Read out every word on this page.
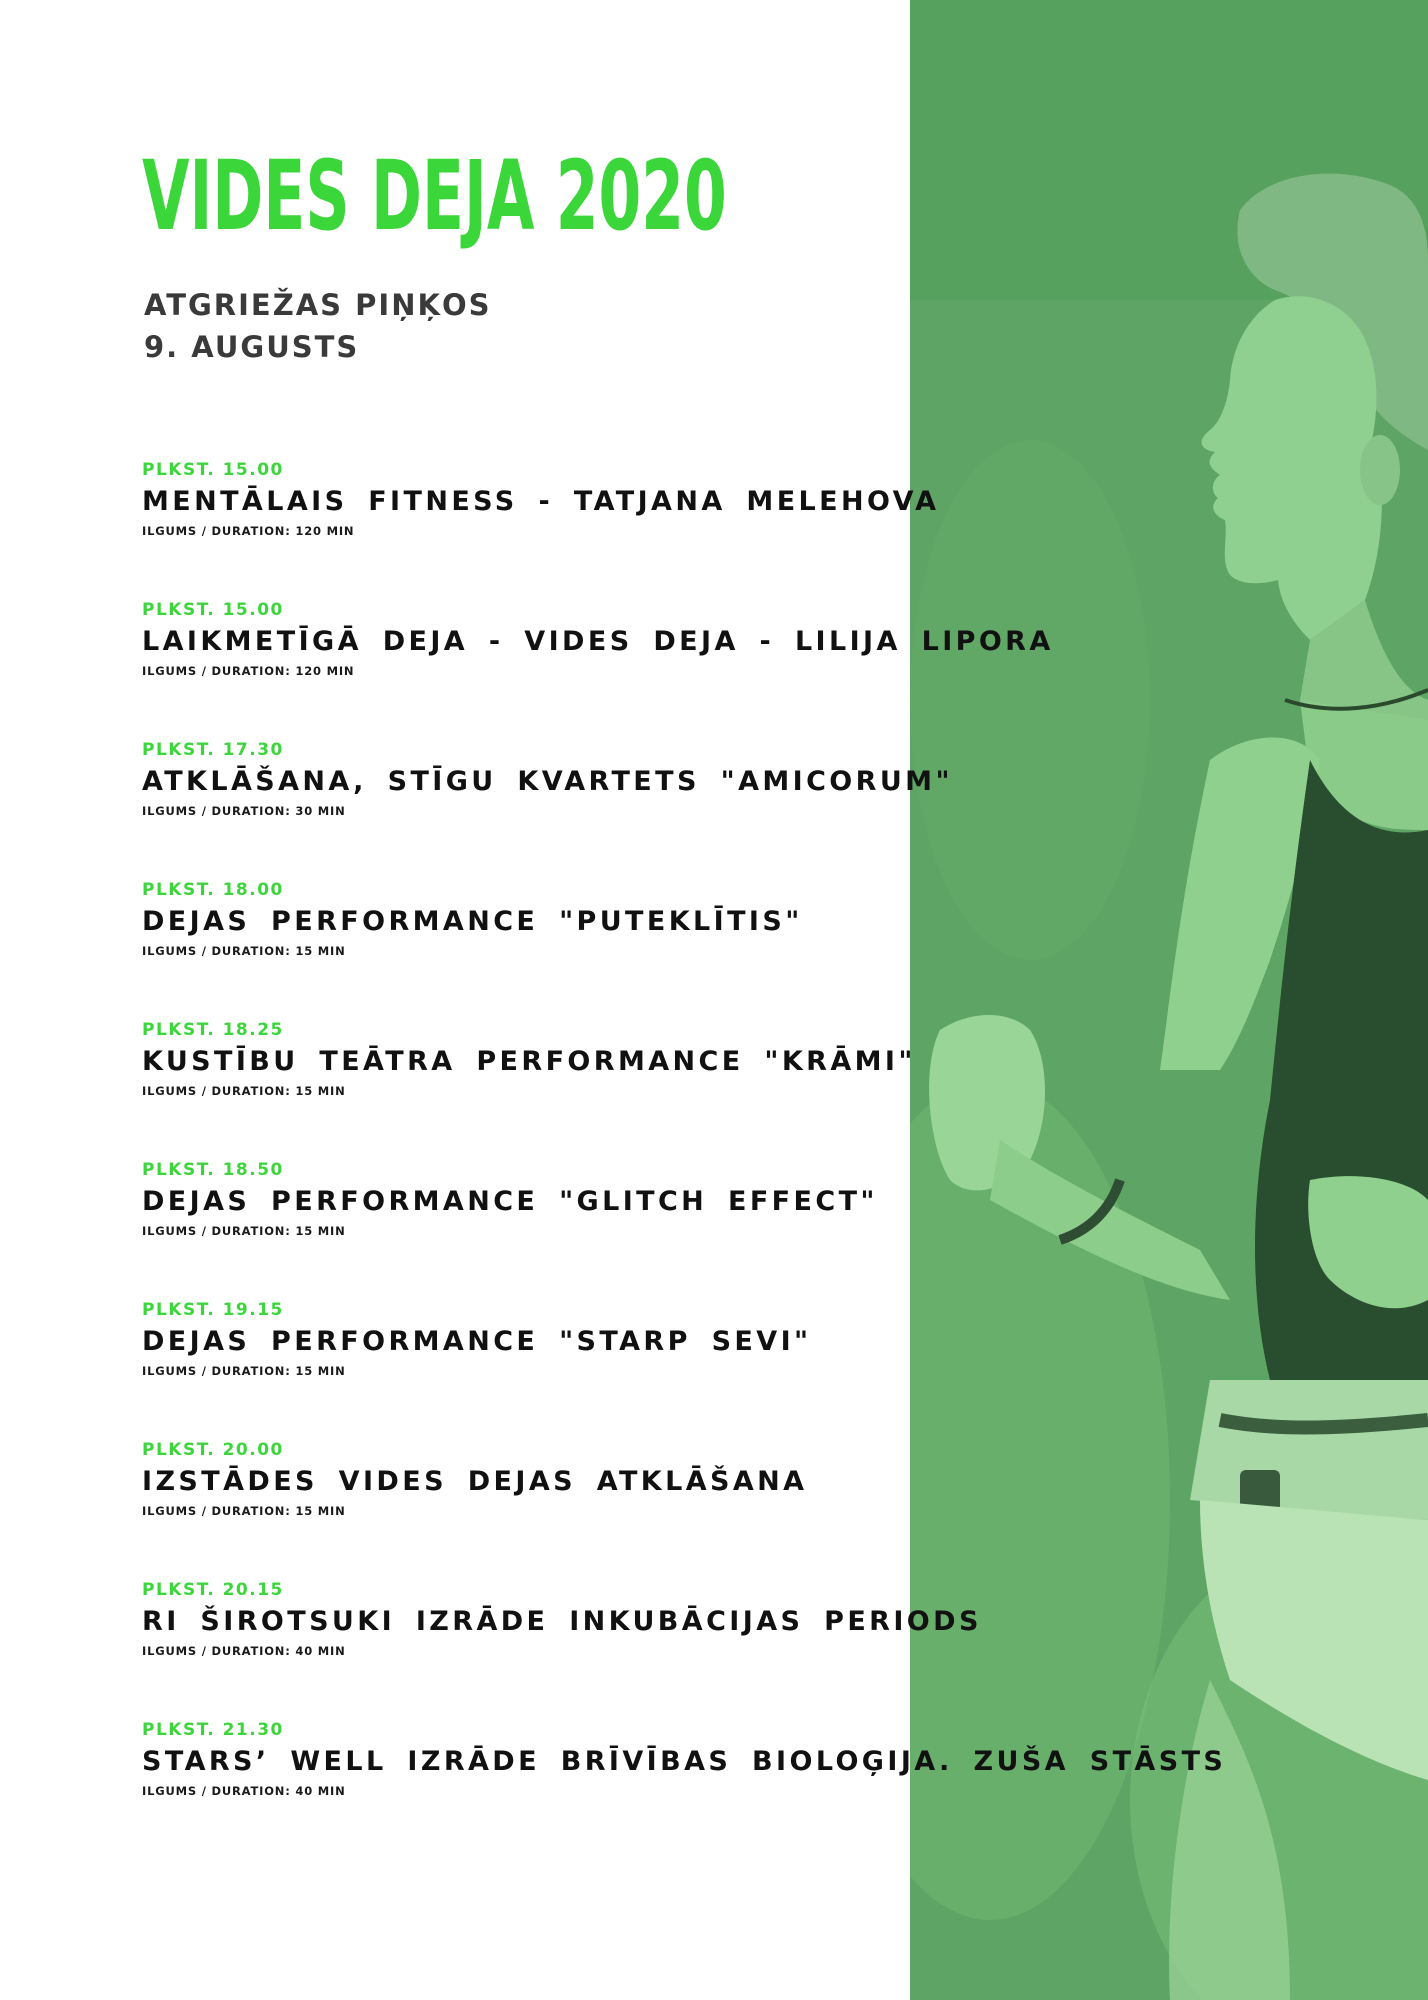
VIDES DEJA 2020
ATGRIEŽAS PIŅĶOS
9. AUGUSTS
PLKST. 15.00
MENTĀLAIS FITNESS - TATJANA MELEHOVA
ILGUMS / DURATION: 120 MIN
PLKST. 15.00
LAIKMETĪGĀ DEJA - VIDES DEJA - LILIJA LIPORA
ILGUMS / DURATION: 120 MIN
PLKST. 17.30
ATKLĀŠANA, STĪGU KVARTETS "AMICORUM"
ILGUMS / DURATION: 30 MIN
PLKST. 18.00
DEJAS PERFORMANCE "PUTEKLĪTIS"
ILGUMS / DURATION: 15 MIN
PLKST. 18.25
KUSTĪBU TEĀTRA PERFORMANCE "KRĀMI"
ILGUMS / DURATION: 15 MIN
PLKST. 18.50
DEJAS PERFORMANCE "GLITCH EFFECT"
ILGUMS / DURATION: 15 MIN
PLKST. 19.15
DEJAS PERFORMANCE "STARP SEVI"
ILGUMS / DURATION: 15 MIN
PLKST. 20.00
IZSTĀDES VIDES DEJAS ATKLĀŠANA
ILGUMS / DURATION: 15 MIN
PLKST. 20.15
RI ŠIROTSUKI IZRĀDE INKUBĀCIJAS PERIODS
ILGUMS / DURATION: 40 MIN
PLKST. 21.30
STARS’ WELL IZRĀDE BRĪVĪBAS BIOLOĢIJA. ZUŠA STĀSTS
ILGUMS / DURATION: 40 MIN
